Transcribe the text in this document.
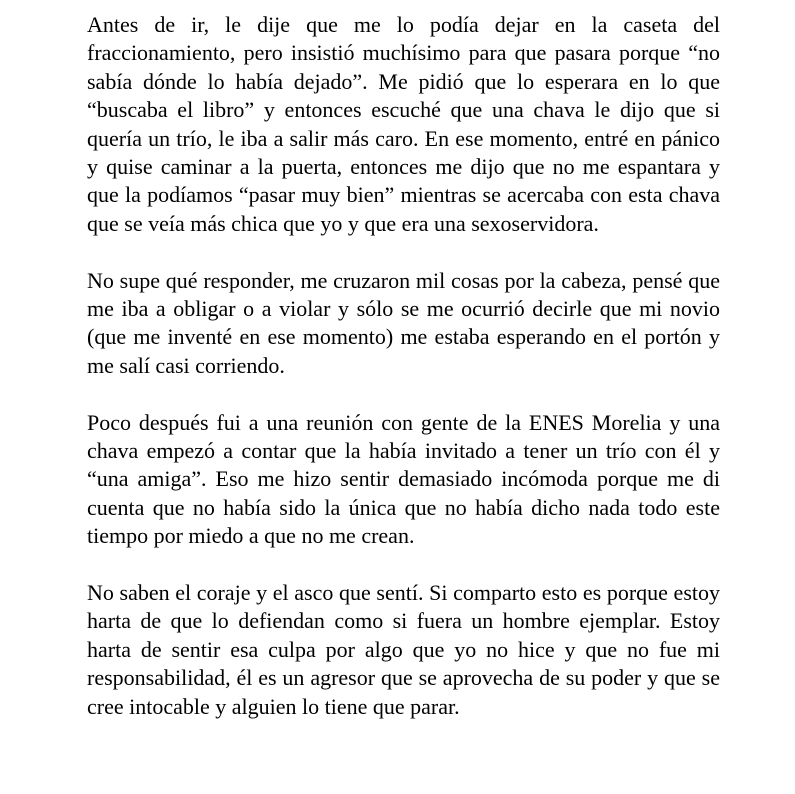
Antes de ir, le dije que me lo podía dejar en la caseta del fraccionamiento, pero insistió muchísimo para que pasara porque “no sabía dónde lo había dejado”. Me pidió que lo esperara en lo que “buscaba el libro” y entonces escuché que una chava le dijo que si quería un trío, le iba a salir más caro. En ese momento, entré en pánico y quise caminar a la puerta, entonces me dijo que no me espantara y que la podíamos “pasar muy bien” mientras se acercaba con esta chava que se veía más chica que yo y que era una sexoservidora.

No supe qué responder, me cruzaron mil cosas por la cabeza, pensé que me iba a obligar o a violar y sólo se me ocurrió decirle que mi novio (que me inventé en ese momento) me estaba esperando en el portón y me salí casi corriendo.

Poco después fui a una reunión con gente de la ENES Morelia y una chava empezó a contar que la había invitado a tener un trío con él y “una amiga”. Eso me hizo sentir demasiado incómoda porque me di cuenta que no había sido la única que no había dicho nada todo este tiempo por miedo a que no me crean.

No saben el coraje y el asco que sentí. Si comparto esto es porque estoy harta de que lo defiendan como si fuera un hombre ejemplar. Estoy harta de sentir esa culpa por algo que yo no hice y que no fue mi responsabilidad, él es un agresor que se aprovecha de su poder y que se cree intocable y alguien lo tiene que parar.
